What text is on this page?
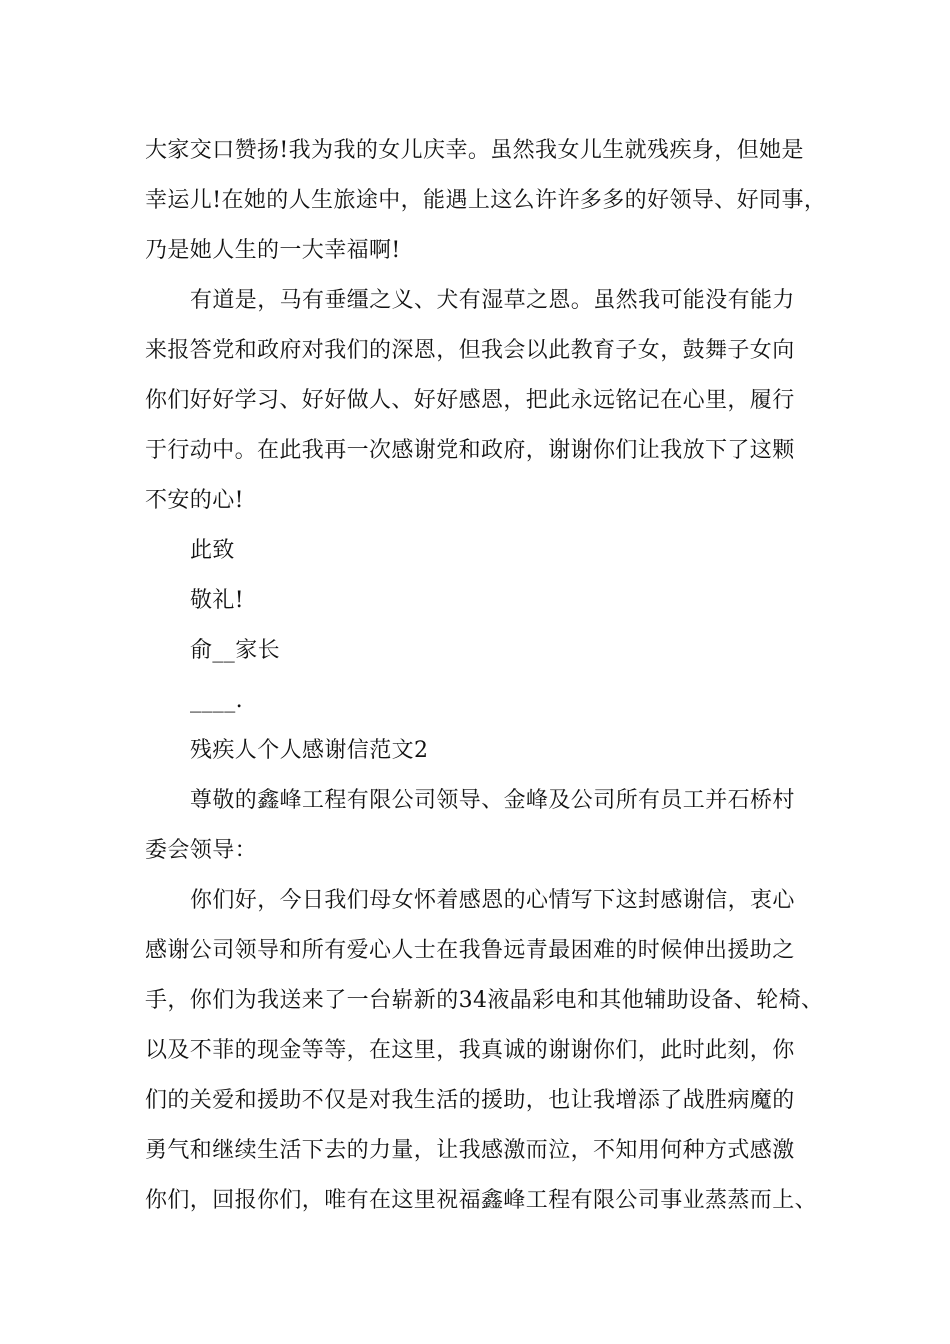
大家交口赞扬!我为我的女儿庆幸。虽然我女儿生就残疾身，但她是
幸运儿!在她的人生旅途中，能遇上这么许许多多的好领导、好同事，
乃是她人生的一大幸福啊!
有道是，马有垂缰之义、犬有湿草之恩。虽然我可能没有能力
来报答党和政府对我们的深恩，但我会以此教育子女，鼓舞子女向
你们好好学习、好好做人、好好感恩，把此永远铭记在心里，履行
于行动中。在此我再一次感谢党和政府，谢谢你们让我放下了这颗
不安的心!
此致
敬礼!
俞__家长
____.
残疾人个人感谢信范文2
尊敬的鑫峰工程有限公司领导、金峰及公司所有员工并石桥村
委会领导：
你们好，今日我们母女怀着感恩的心情写下这封感谢信，衷心
感谢公司领导和所有爱心人士在我鲁远青最困难的时候伸出援助之
手，你们为我送来了一台崭新的34液晶彩电和其他辅助设备、轮椅、
以及不菲的现金等等，在这里，我真诚的谢谢你们，此时此刻，你
们的关爱和援助不仅是对我生活的援助，也让我增添了战胜病魔的
勇气和继续生活下去的力量，让我感激而泣，不知用何种方式感激
你们，回报你们，唯有在这里祝福鑫峰工程有限公司事业蒸蒸而上、
